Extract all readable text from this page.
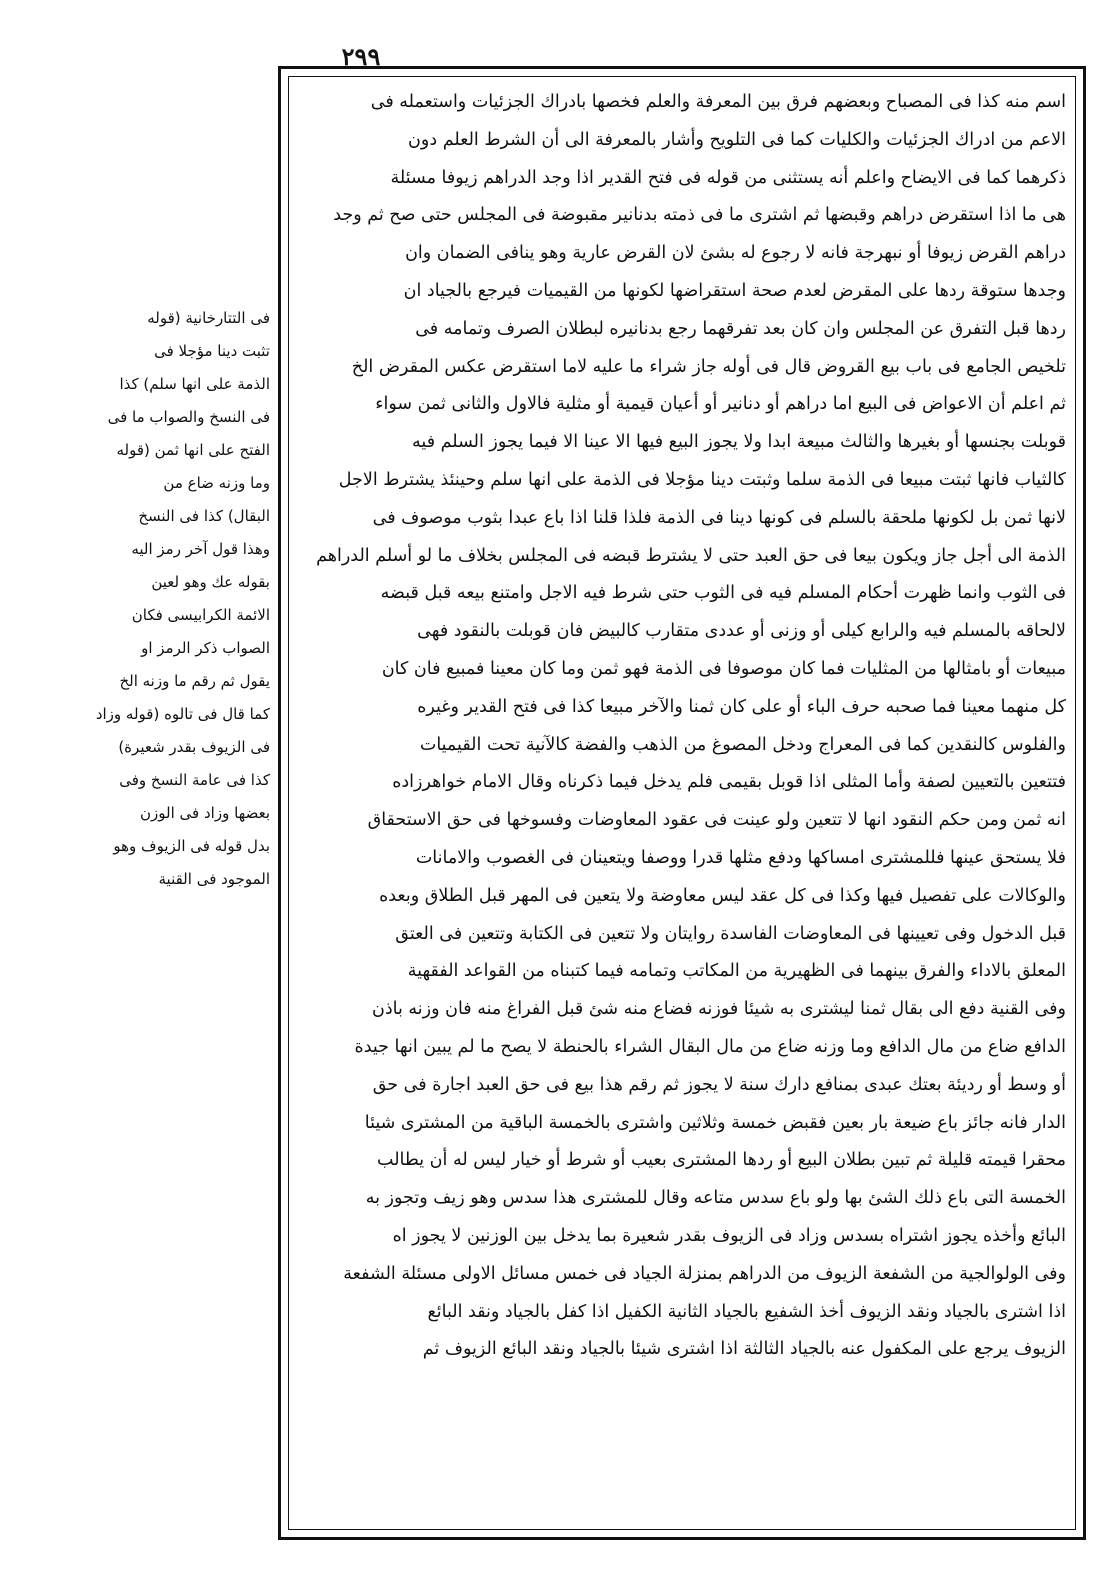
٢٩٩
اسم منه كذا فى المصباح وبعضهم فرق بين المعرفة والعلم فخصها بادراك الجزئيات واستعمله فى
الاعم من ادراك الجزئيات والكليات كما فى التلويح وأشار بالمعرفة الى أن الشرط العلم دون
ذكرهما كما فى الايضاح واعلم أنه يستثنى من قوله فى فتح القدير اذا وجد الدراهم زيوفا مسئلة
هى ما اذا استقرض دراهم وقبضها ثم اشترى ما فى ذمته بدنانير مقبوضة فى المجلس حتى صح ثم وجد
دراهم القرض زيوفا أو نبهرجة فانه لا رجوع له بشئ لان القرض عارية وهو ينافى الضمان وان
وجدها ستوقة ردها على المقرض لعدم صحة استقراضها لكونها من القيميات فيرجع بالجياد ان
ردها قبل التفرق عن المجلس وان كان بعد تفرقهما رجع بدنانيره لبطلان الصرف وتمامه فى
تلخيص الجامع فى باب بيع القروض قال فى أوله جاز شراء ما عليه لاما استقرض عكس المقرض الخ
ثم اعلم أن الاعواض فى البيع اما دراهم أو دنانير أو أعيان قيمية أو مثلية فالاول والثانى ثمن سواء
قوبلت بجنسها أو بغيرها والثالث مبيعة ابدا ولا يجوز البيع فيها الا عينا الا فيما يجوز السلم فيه
كالثياب فانها ثبتت مبيعا فى الذمة سلما وثبتت دينا مؤجلا فى الذمة على انها سلم وحينئذ يشترط الاجل
لانها ثمن بل لكونها ملحقة بالسلم فى كونها دينا فى الذمة فلذا قلنا اذا باع عبدا بثوب موصوف فى
الذمة الى أجل جاز ويكون بيعا فى حق العبد حتى لا يشترط قبضه فى المجلس بخلاف ما لو أسلم الدراهم
فى الثوب وانما ظهرت أحكام المسلم فيه فى الثوب حتى شرط فيه الاجل وامتنع بيعه قبل قبضه
لالحاقه بالمسلم فيه والرابع كيلى أو وزنى أو عددى متقارب كالبيض فان قوبلت بالنقود فهى
مبيعات أو بامثالها من المثليات فما كان موصوفا فى الذمة فهو ثمن وما كان معينا فمبيع فان كان
كل منهما معينا فما صحبه حرف الباء أو على كان ثمنا والآخر مبيعا كذا فى فتح القدير وغيره
والفلوس كالنقدين كما فى المعراج ودخل المصوغ من الذهب والفضة كالآنية تحت القيميات
فتتعين بالتعيين لصفة وأما المثلى اذا قوبل بقيمى فلم يدخل فيما ذكرناه وقال الامام خواهرزاده
انه ثمن ومن حكم النقود انها لا تتعين ولو عينت فى عقود المعاوضات وفسوخها فى حق الاستحقاق
فلا يستحق عينها فللمشترى امساكها ودفع مثلها قدرا ووصفا ويتعينان فى الغصوب والامانات
والوكالات على تفصيل فيها وكذا فى كل عقد ليس معاوضة ولا يتعين فى المهر قبل الطلاق وبعده
قبل الدخول وفى تعيينها فى المعاوضات الفاسدة روايتان ولا تتعين فى الكتابة وتتعين فى العتق
المعلق بالاداء والفرق بينهما فى الظهيرية من المكاتب وتمامه فيما كتبناه من القواعد الفقهية
وفى القنية دفع الى بقال ثمنا ليشترى به شيئا فوزنه فضاع منه شئ قبل الفراغ منه فان وزنه باذن
الدافع ضاع من مال الدافع وما وزنه ضاع من مال البقال الشراء بالحنطة لا يصح ما لم يبين انها جيدة
أو وسط أو رديئة بعتك عبدى بمنافع دارك سنة لا يجوز ثم رقم هذا بيع فى حق العبد اجارة فى حق
الدار فانه جائز باع ضيعة بار بعين فقبض خمسة وثلاثين واشترى بالخمسة الباقية من المشترى شيئا
محقرا قيمته قليلة ثم تبين بطلان البيع أو ردها المشترى بعيب أو شرط أو خيار ليس له أن يطالب
الخمسة التى باع ذلك الشئ بها ولو باع سدس متاعه وقال للمشترى هذا سدس وهو زيف وتجوز به
البائع وأخذه يجوز اشتراه بسدس وزاد فى الزيوف بقدر شعيرة بما يدخل بين الوزنين لا يجوز اه
وفى الولوالجية من الشفعة الزيوف من الدراهم بمنزلة الجياد فى خمس مسائل الاولى مسئلة الشفعة
اذا اشترى بالجياد ونقد الزيوف أخذ الشفيع بالجياد الثانية الكفيل اذا كفل بالجياد ونقد البائع
الزيوف يرجع على المكفول عنه بالجياد الثالثة اذا اشترى شيئا بالجياد ونقد البائع الزيوف ثم
فى التتارخانية (قوله
تثبت دينا مؤجلا فى
الذمة على انها سلم) كذا
فى النسخ والصواب ما فى
الفتح على انها ثمن (قوله
وما وزنه ضاع من
البقال) كذا فى النسخ
وهذا قول آخر رمز اليه
بقوله عك وهو لعين
الائمة الكرابيسى فكان
الصواب ذكر الرمز او
يقول ثم رقم ما وزنه الخ
كما قال فى تالوه (قوله وزاد
فى الزيوف بقدر شعيرة)
كذا فى عامة النسخ وفى
بعضها وزاد فى الوزن
بدل قوله فى الزيوف وهو
الموجود فى القنية
